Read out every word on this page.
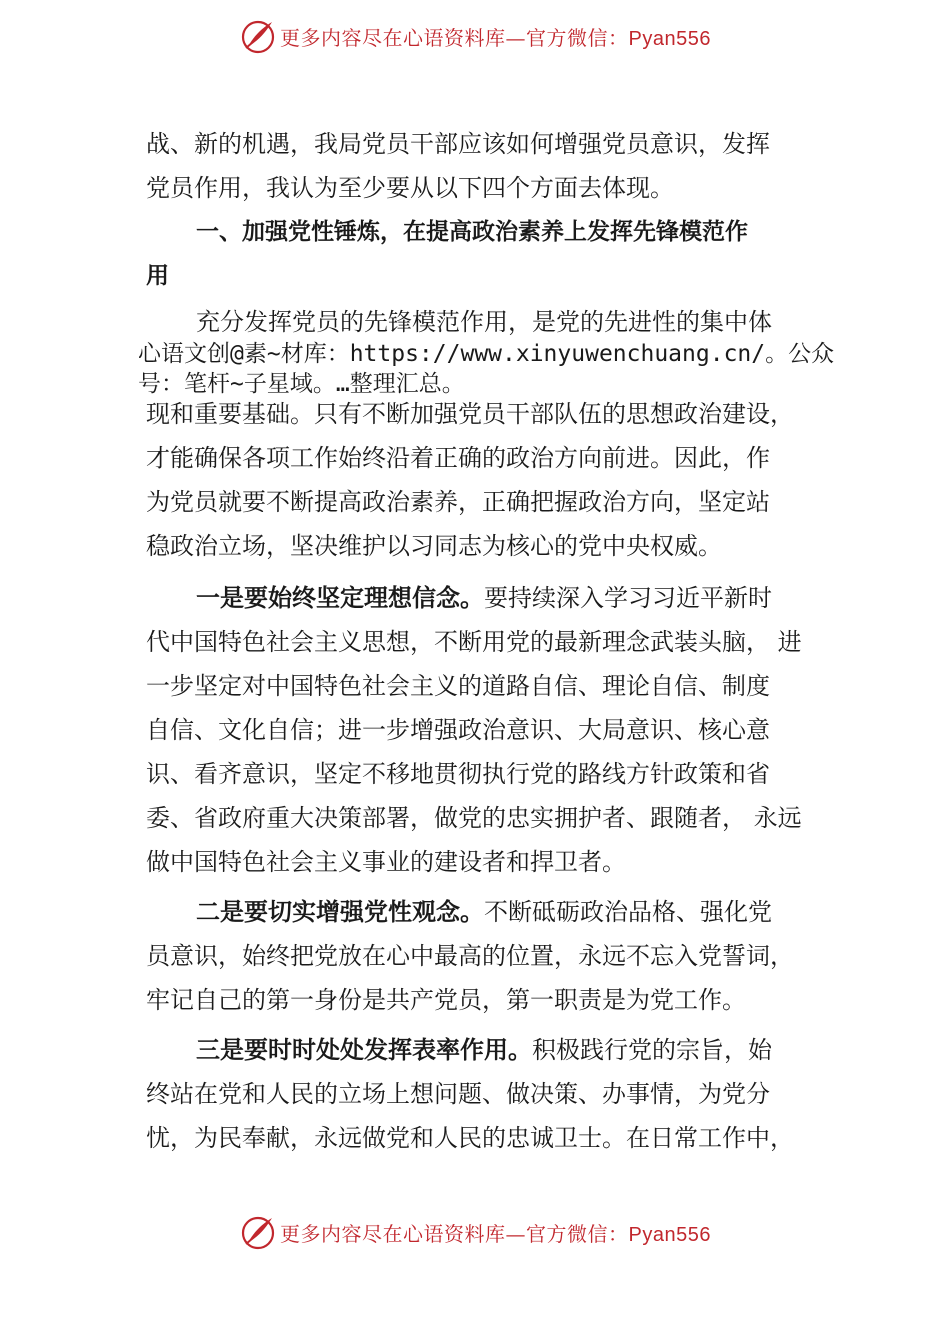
更多内容尽在心语资料库—官方微信：Pyan556
战、新的机遇，我局党员干部应该如何增强党员意识，发挥
党员作用，我认为至少要从以下四个方面去体现。
一、加强党性锤炼，在提高政治素养上发挥先锋模范作
用
充分发挥党员的先锋模范作用，是党的先进性的集中体
心语文创@素~材库：https://www.xinyuwenchuang.cn/。公众
号：笔杆~子星域。…整理汇总。
现和重要基础。只有不断加强党员干部队伍的思想政治建设，
才能确保各项工作始终沿着正确的政治方向前进。因此，作
为党员就要不断提高政治素养，正确把握政治方向，坚定站
稳政治立场，坚决维护以习同志为核心的党中央权威。
一是要始终坚定理想信念。要持续深入学习习近平新时
代中国特色社会主义思想，不断用党的最新理念武装头脑， 进
一步坚定对中国特色社会主义的道路自信、理论自信、制度
自信、文化自信；进一步增强政治意识、大局意识、核心意
识、看齐意识，坚定不移地贯彻执行党的路线方针政策和省
委、省政府重大决策部署，做党的忠实拥护者、跟随者， 永远
做中国特色社会主义事业的建设者和捍卫者。
二是要切实增强党性观念。不断砥砺政治品格、强化党
员意识，始终把党放在心中最高的位置，永远不忘入党誓词，
牢记自己的第一身份是共产党员，第一职责是为党工作。
三是要时时处处发挥表率作用。积极践行党的宗旨，始
终站在党和人民的立场上想问题、做决策、办事情，为党分
忧，为民奉献，永远做党和人民的忠诚卫士。在日常工作中，
更多内容尽在心语资料库—官方微信：Pyan556
